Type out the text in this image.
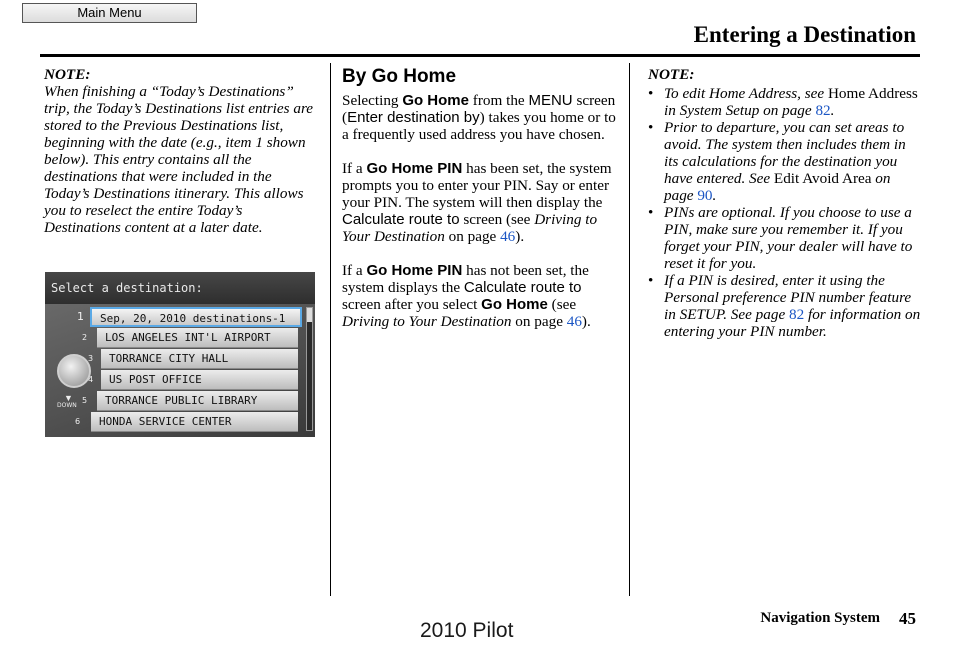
Main Menu
Entering a Destination

NOTE:

When finishing a “Today’s Destinations” trip, the Today’s Destinations list entries are stored to the Previous Destinations list, beginning with the date (e.g., item 1 shown below). This entry contains all the destinations that were included in the Today’s Destinations itinerary. This allows you to reselect the entire Today’s Destinations content at a later date.

Select a destination:
1	Sep, 20, 2010 destinations-1
2	LOS ANGELES INT'L AIRPORT
3	TORRANCE CITY HALL
4	US POST OFFICE
5	TORRANCE PUBLIC LIBRARY
6	HONDA SERVICE CENTER
▼
DOWN
By Go Home

Selecting Go Home from the MENU screen (Enter destination by) takes you home or to a frequently used address you have chosen.

If a Go Home PIN has been set, the system prompts you to enter your PIN. Say or enter your PIN. The system will then display the Calculate route to screen (see Driving to Your Destination on page 46).

If a Go Home PIN has not been set, the system displays the Calculate route to screen after you select Go Home (see Driving to Your Destination on page 46).

NOTE:

• To edit Home Address, see Home Address in System Setup on page 82.
• Prior to departure, you can set areas to avoid. The system then includes them in its calculations for the destination you have entered. See Edit Avoid Area on page 90.
• PINs are optional. If you choose to use a PIN, make sure you remember it. If you forget your PIN, your dealer will have to reset it for you.
• If a PIN is desired, enter it using the Personal preference PIN number feature in SETUP. See page 82 for information on entering your PIN number.
Navigation System 45
2010 Pilot
